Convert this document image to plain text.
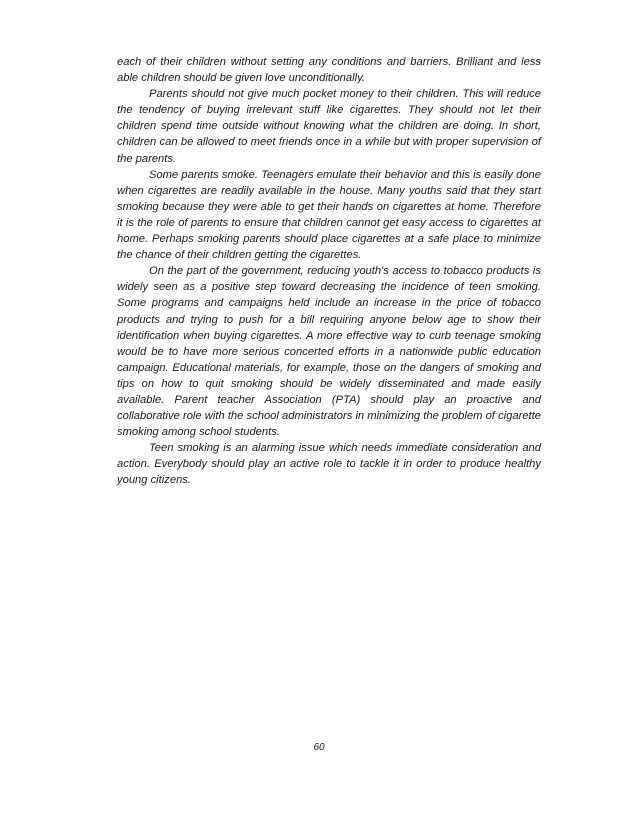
each of their children without setting any conditions and barriers. Brilliant and less able children should be given love unconditionally.

Parents should not give much pocket money to their children. This will reduce the tendency of buying irrelevant stuff like cigarettes. They should not let their children spend time outside without knowing what the children are doing. In short, children can be allowed to meet friends once in a while but with proper supervision of the parents.

Some parents smoke. Teenagers emulate their behavior and this is easily done when cigarettes are readily available in the house. Many youths said that they start smoking because they were able to get their hands on cigarettes at home. Therefore it is the role of parents to ensure that children cannot get easy access to cigarettes at home. Perhaps smoking parents should place cigarettes at a safe place to minimize the chance of their children getting the cigarettes.

On the part of the government, reducing youth's access to tobacco products is widely seen as a positive step toward decreasing the incidence of teen smoking. Some programs and campaigns held include an increase in the price of tobacco products and trying to push for a bill requiring anyone below age to show their identification when buying cigarettes. A more effective way to curb teenage smoking would be to have more serious concerted efforts in a nationwide public education campaign. Educational materials, for example, those on the dangers of smoking and tips on how to quit smoking should be widely disseminated and made easily available. Parent teacher Association (PTA) should play an proactive and collaborative role with the school administrators in minimizing the problem of cigarette smoking among school students.

Teen smoking is an alarming issue which needs immediate consideration and action. Everybody should play an active role to tackle it in order to produce healthy young citizens.

60
